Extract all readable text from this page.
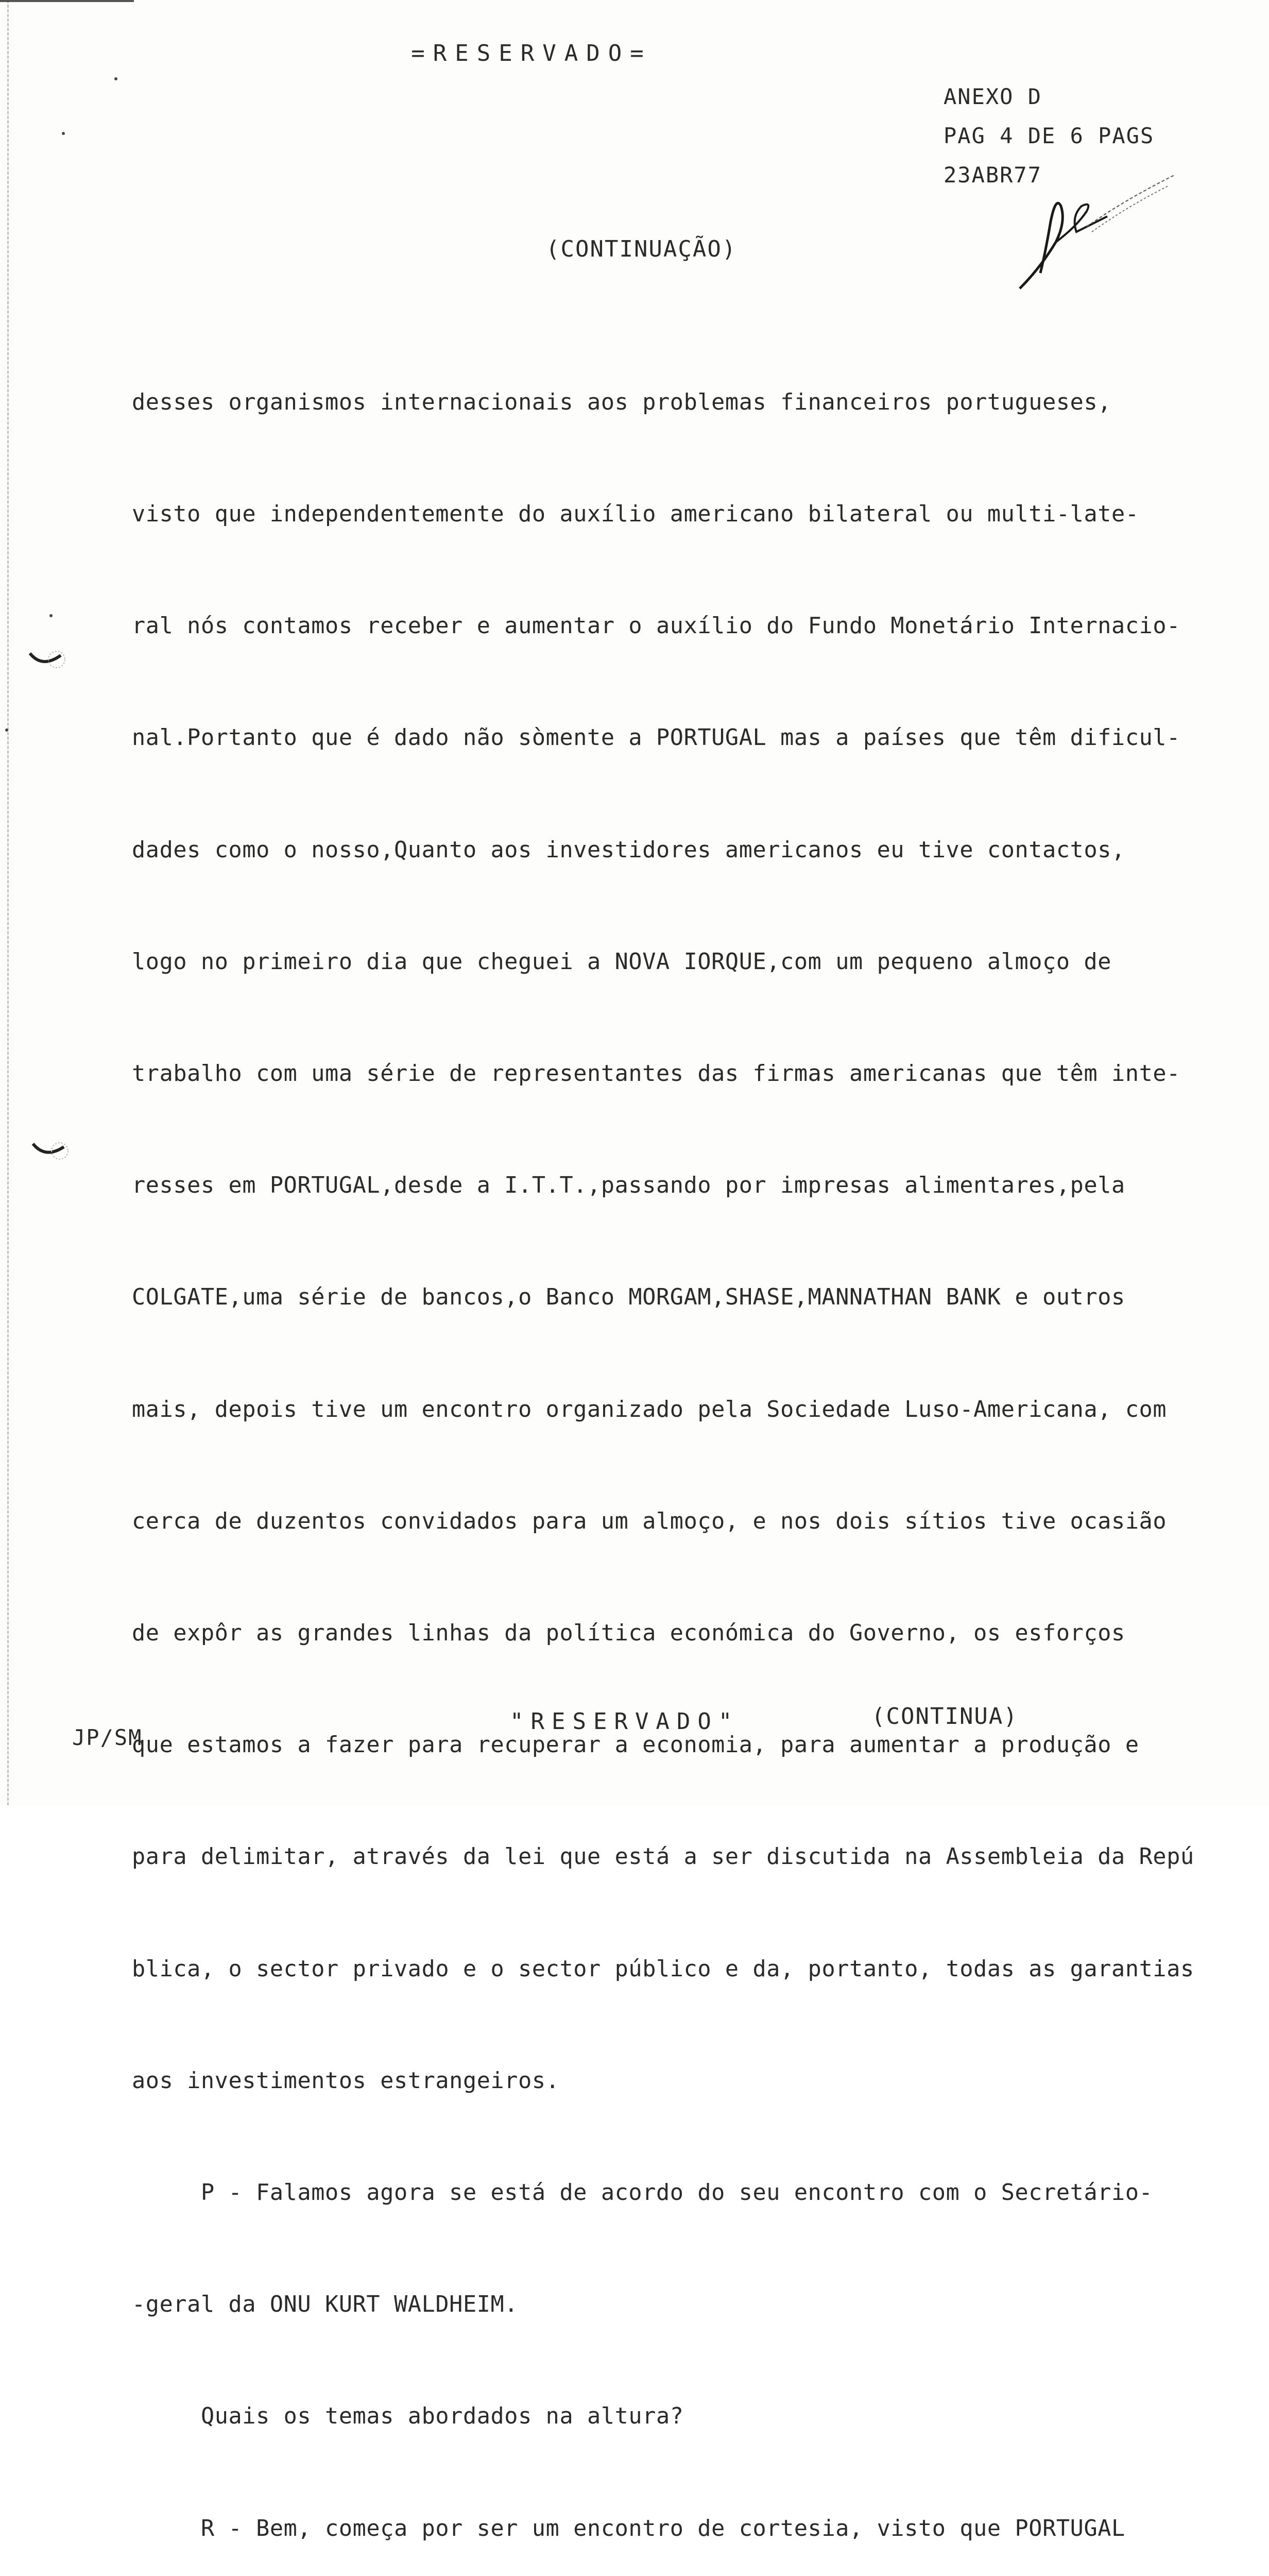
=RESERVADO=
ANEXO D
PAG 4 DE 6 PAGS
23ABR77
(CONTINUAÇÃO)

desses organismos internacionais aos problemas financeiros portugueses,

visto que independentemente do auxílio americano bilateral ou multi-late-

ral nós contamos receber e aumentar o auxílio do Fundo Monetário Internacio-

nal.Portanto que é dado não sòmente a PORTUGAL mas a países que têm dificul-

dades como o nosso,Quanto aos investidores americanos eu tive contactos,

logo no primeiro dia que cheguei a NOVA IORQUE,com um pequeno almoço de

trabalho com uma série de representantes das firmas americanas que têm inte-

resses em PORTUGAL,desde a I.T.T.,passando por impresas alimentares,pela

COLGATE,uma série de bancos,o Banco MORGAM,SHASE,MANNATHAN BANK e outros

mais, depois tive um encontro organizado pela Sociedade Luso-Americana, com

cerca de duzentos convidados para um almoço, e nos dois sítios tive ocasião

de expôr as grandes linhas da política económica do Governo, os esforços

que estamos a fazer para recuperar a economia, para aumentar a produção e

para delimitar, através da lei que está a ser discutida na Assembleia da Repú

blica, o sector privado e o sector público e da, portanto, todas as garantias

aos investimentos estrangeiros.

P - Falamos agora se está de acordo do seu encontro com o Secretário-

-geral da ONU KURT WALDHEIM.

Quais os temas abordados na altura?

R - Bem, começa por ser um encontro de cortesia, visto que PORTUGAL

JP/SM
"RESERVADO"	(CONTINUA)
